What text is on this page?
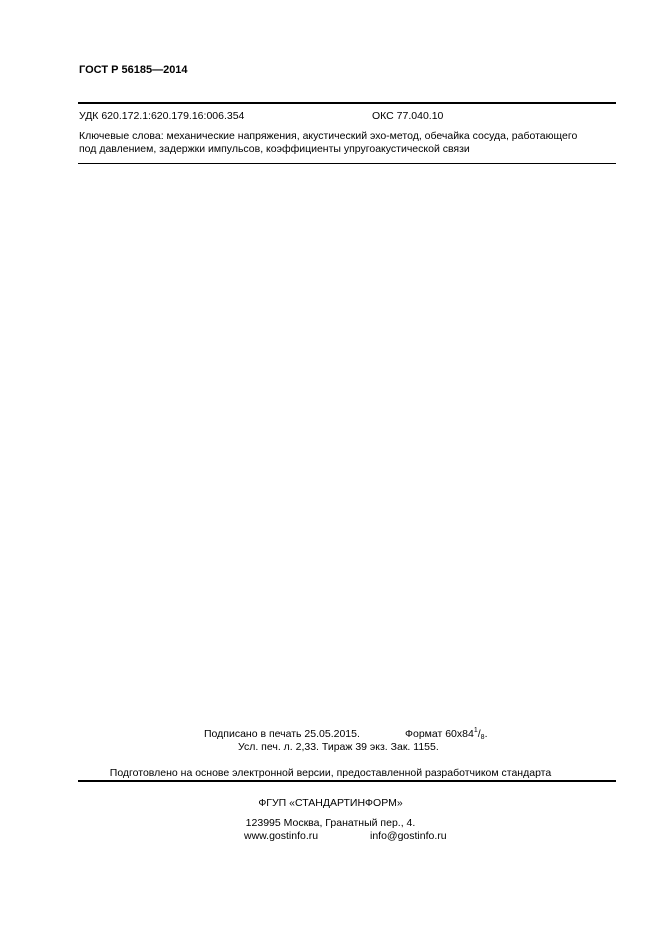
ГОСТ Р 56185—2014
УДК 620.172.1:620.179.16:006.354	ОКС 77.040.10
Ключевые слова: механические напряжения, акустический эхо-метод, обечайка сосуда, работающего
под давлением, задержки импульсов, коэффициенты упругоакустической связи
Подписано в печать 25.05.2015.	Формат $60х84^1/_8$.
Усл. печ. л. 2,33. Тираж 39 экз. Зак. 1155.
Подготовлено на основе электронной версии, предоставленной разработчиком стандарта
ФГУП «СТАНДАРТИНФОРМ»
123995 Москва, Гранатный пер., 4.
www.gostinfo.ru	info@gostinfo.ru
